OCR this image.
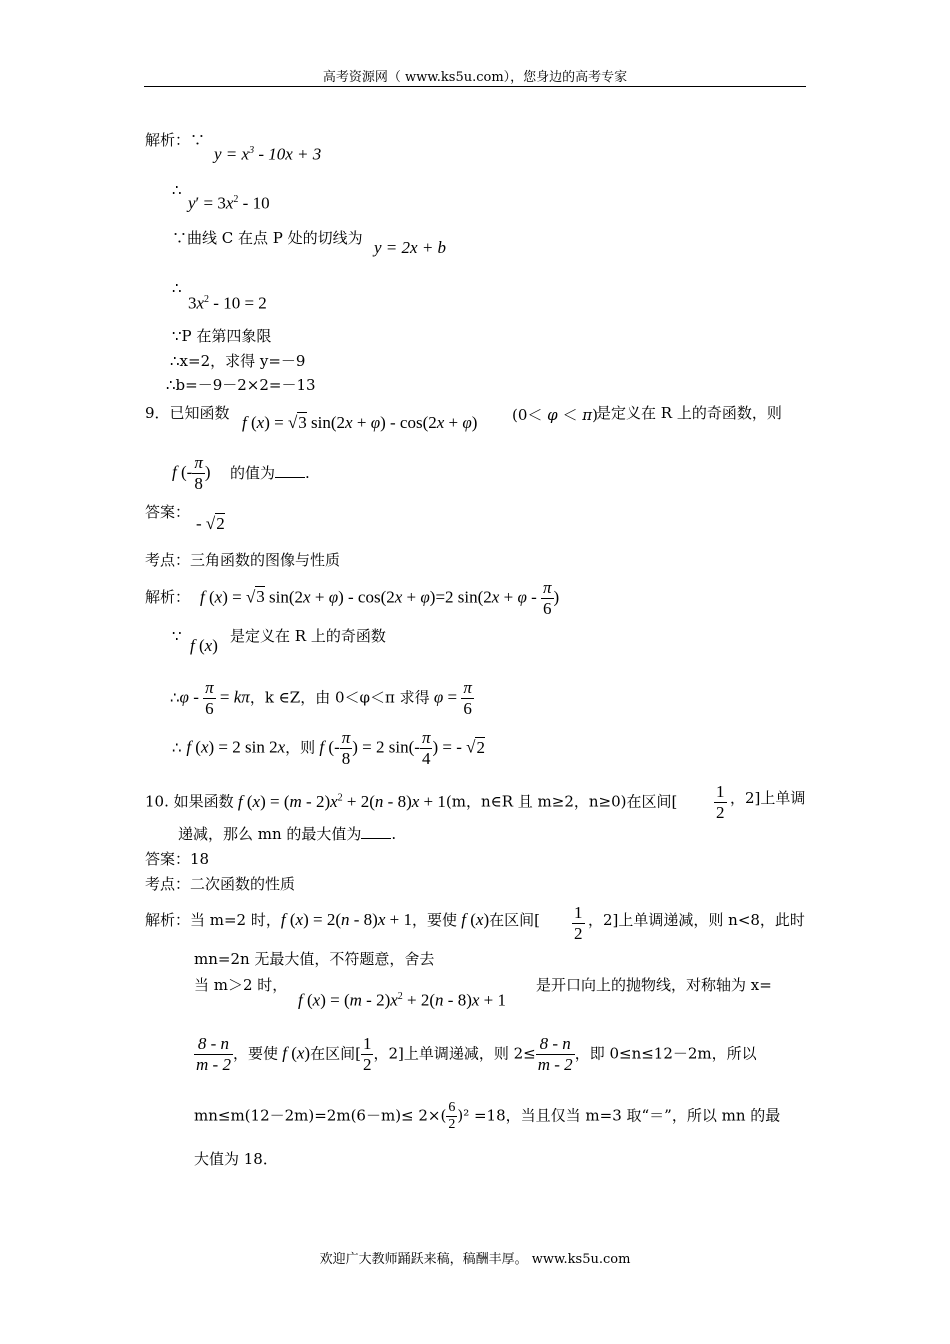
高考资源网（ www.ks5u.com），您身边的高考专家
解析：∵
$y = x^3 - 10x + 3$
∴
$y' = 3x^2 - 10$
∵曲线 C 在点 P 处的切线为 y = 2x + b
∴
$3x^2 - 10 = 2$
∵P 在第四象限
∴x=2，求得 y=－9
∴b=－9－2×2=－13
9．已知函数 f (x) = √3 sin(2x + φ) - cos(2x + φ) (0＜ φ ＜ π)
是定义在 R 上的奇函数，则
f (- $\frac{\pi}{8}$ ) 的值为 .
答案：
- √2
考点：三角函数的图像与性质
解析： f (x) = √3 sin(2x + φ) - cos(2x + φ)=2 $\sin(2x + \varphi - \frac{\pi}{6}$ )
∵ f (x) 是定义在 R 上的奇函数
∴φ - $\frac{\pi}{6} = k\pi$，k ∈Z，由 0＜φ＜π 求得 $\varphi = \frac{\pi}{6}$
∴ f (x) = 2 sin 2x，则 f (- $\frac{\pi}{8}$ ) = 2 $\sin(- \frac{\pi}{4}$ ) = - √2
10. 如果函数 f $(x) = (m - 2)x^2 + 2(n - 8)x + 1(m$，n∈R 且 m≥2，n≥0)在区间[ $\frac{1}{2}$ ，2]上单调
递减，那么 mn 的最大值为 .
答案：18
考点：二次函数的性质
解析：当 m=2 时，f (x) = 2(n - 8)x + 1，要使 f (x)在区间[ $\frac{1}{2}$ ，2]上单调递减，则 n<8，此时
mn=2n 无最大值，不符题意，舍去
当 m＞2 时，
f $(x) = (m - 2)x^2 + 2(n - 8)x + 1$
是开口向上的抛物线，对称轴为 x=
$\frac{8 - n}{m - 2}$ ，要使 f (x)在区间[ $\frac{1}{2}$ ，2]上单调递减，则 $2\le \frac{8 - n}{m - 2}$ ，即 0≤n≤12－2m，所以
$mn\le m(12-2m)=2m(6-m)\le 2\times( \frac{6}{2} )^2 =18$，当且仅当 m=3 取“＝”，所以 mn 的最
大值为 18．
欢迎广大教师踊跃来稿，稿酬丰厚。 www.ks5u.com
